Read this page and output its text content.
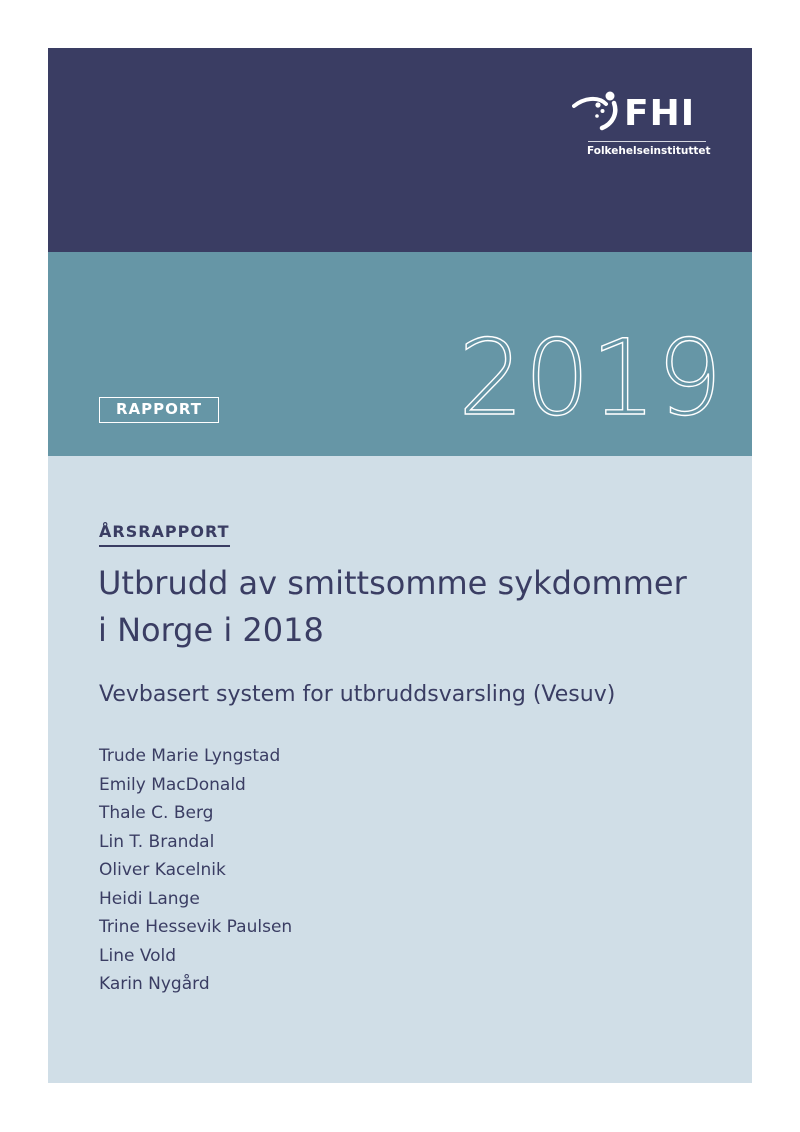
FHI
Folkehelseinstituttet
2019
RAPPORT
ÅRSRAPPORT
Utbrudd av smittsomme sykdommer
i Norge i 2018
Vevbasert system for utbruddsvarsling (Vesuv)
Trude Marie Lyngstad
Emily MacDonald
Thale C. Berg
Lin T. Brandal
Oliver Kacelnik
Heidi Lange
Trine Hessevik Paulsen
Line Vold
Karin Nygård
